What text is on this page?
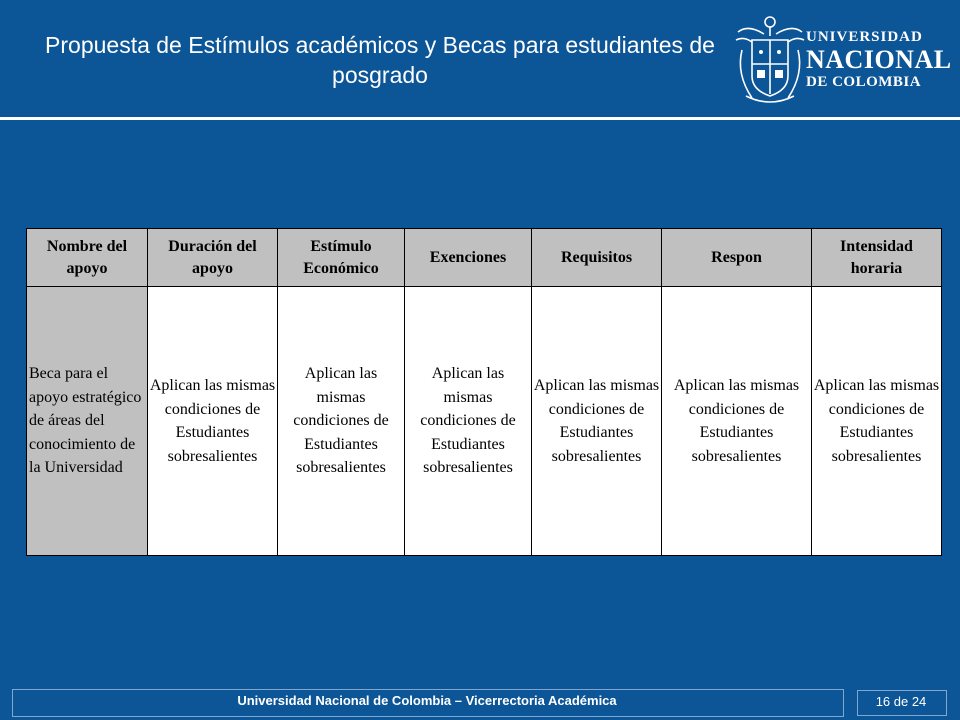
Propuesta de Estímulos académicos y Becas para estudiantes de posgrado
UNIVERSIDAD
NACIONAL
DE COLOMBIA
Nombre del apoyo	Duración del apoyo	Estímulo Económico	Exenciones	Requisitos	Respon	Intensidad horaria
Beca para el apoyo estratégico de áreas del conocimiento de la Universidad	Aplican las mismas condiciones de Estudiantes sobresalientes	Aplican las mismas condiciones de Estudiantes sobresalientes	Aplican las mismas condiciones de Estudiantes sobresalientes	Aplican las mismas condiciones de Estudiantes sobresalientes	Aplican las mismas condiciones de Estudiantes sobresalientes	Aplican las mismas condiciones de Estudiantes sobresalientes
Universidad Nacional de Colombia – Vicerrectoria Académica	16 de 24
